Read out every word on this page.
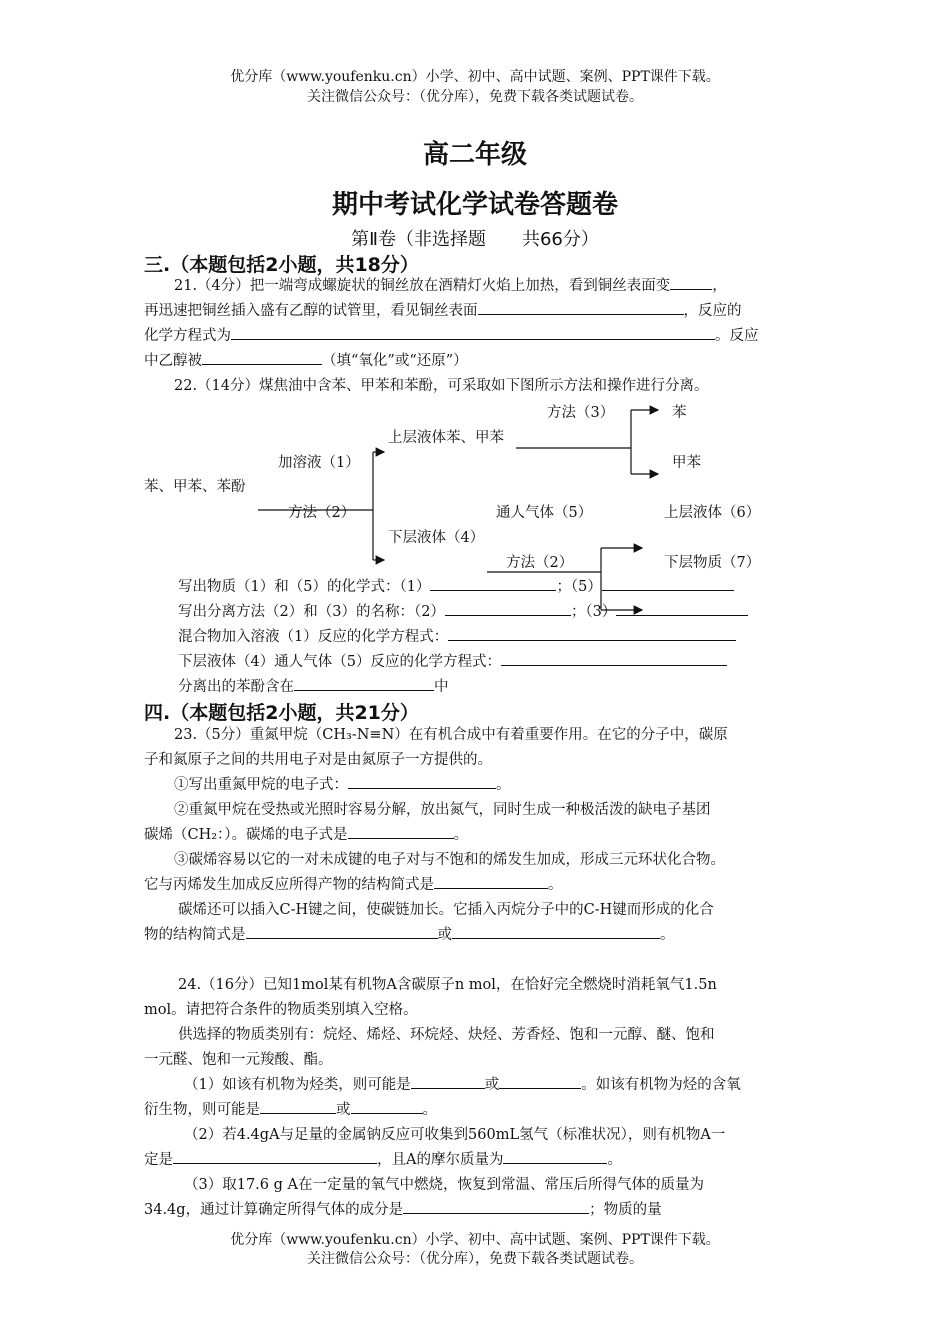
优分库（www.youfenku.cn）小学、初中、高中试题、案例、PPT课件下载。
关注微信公众号：（优分库），免费下载各类试题试卷。
高二年级
期中考试化学试卷答题卷
第Ⅱ卷（非选择题　　共66分）
三.（本题包括2小题，共18分）
21.（4分）把一端弯成螺旋状的铜丝放在酒精灯火焰上加热，看到铜丝表面变	，
再迅速把铜丝插入盛有乙醇的试管里，看见铜丝表面	，反应的
化学方程式为	。反应
中乙醇被	（填“氧化”或“还原”）
22.（14分）煤焦油中含苯、甲苯和苯酚，可采取如下图所示方法和操作进行分离。
苯、甲苯、苯酚
加溶液（1）
方法（2）
上层液体苯、甲苯
方法（3）	苯
甲苯
下层液体（4）
通人气体（5）
方法（2）
上层液体（6）
下层物质（7）
写出物质（1）和（5）的化学式：（1）	；（5）
写出分离方法（2）和（3）的名称：（2）	；（3）
混合物加入溶液（1）反应的化学方程式：
下层液体（4）通人气体（5）反应的化学方程式：
分离出的苯酚含在	中
四.（本题包括2小题，共21分）
23.（5分）重氮甲烷（CH₃-N≡N）在有机合成中有着重要作用。在它的分子中，碳原
子和氮原子之间的共用电子对是由氮原子一方提供的。
①写出重氮甲烷的电子式：	。
②重氮甲烷在受热或光照时容易分解，放出氮气，同时生成一种极活泼的缺电子基团
碳烯（CH₂：）。碳烯的电子式是	。
③碳烯容易以它的一对未成键的电子对与不饱和的烯发生加成，形成三元环状化合物。
它与丙烯发生加成反应所得产物的结构简式是	。
碳烯还可以插入C-H键之间，使碳链加长。它插入丙烷分子中的C-H键而形成的化合
物的结构简式是	或	。
24.（16分）已知1mol某有机物A含碳原子n mol，在恰好完全燃烧时消耗氧气1.5n
mol。请把符合条件的物质类别填入空格。
供选择的物质类别有：烷烃、烯烃、环烷烃、炔烃、芳香烃、饱和一元醇、醚、饱和
一元醛、饱和一元羧酸、酯。
（1）如该有机物为烃类，则可能是	或	。如该有机物为烃的含氧
衍生物，则可能是	或	。
（2）若4.4gA与足量的金属钠反应可收集到560mL氢气（标准状况），则有机物A一
定是	，且A的摩尔质量为	。
（3）取17.6 g A在一定量的氧气中燃烧，恢复到常温、常压后所得气体的质量为
34.4g，通过计算确定所得气体的成分是	；物质的量
优分库（www.youfenku.cn）小学、初中、高中试题、案例、PPT课件下载。
关注微信公众号：（优分库），免费下载各类试题试卷。
